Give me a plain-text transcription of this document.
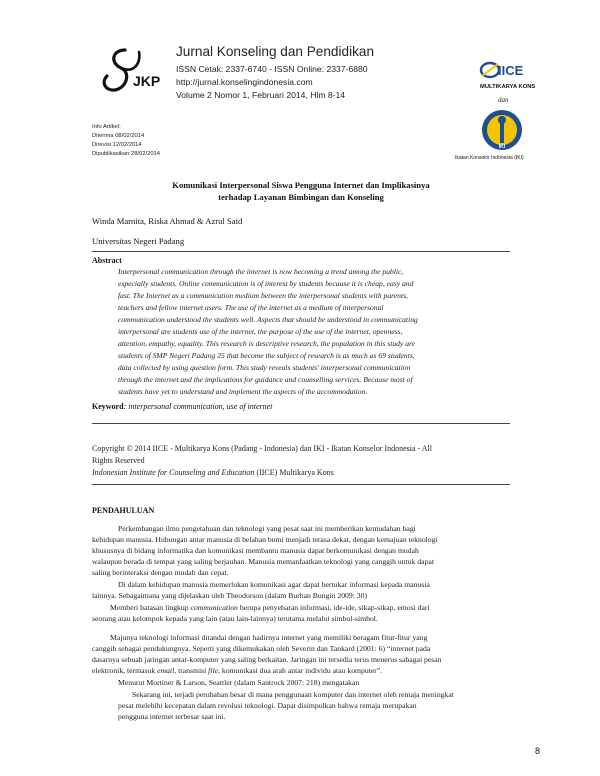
JKP
Jurnal Konseling dan Pendidikan
ISSN Cetak: 2337-6740 - ISSN Online: 2337-6880
http://jurnal.konselingindonesia.com
Volume 2 Nomor 1, Februari 2014, Hlm 8-14
IICE
MULTIKARYA KONS
dan
IKI
Ikatan Konselor Indonesia (IKI)
Info Artikel:
Diterima 08/02/2014
Direvisi 12/02/2014
Dipublikasikan 28/02/2014
Komunikasi Interpersonal Siswa Pengguna Internet dan Implikasinya
terhadap Layanan Bimbingan dan Konseling
Winda Marnita, Riska Ahmad & Azrul Said
Universitas Negeri Padang
Abstract
Interpersonal communication through the internet is now becoming a trend among the public,
especially students. Online communication is of interest by students because it is cheap, easy and
fast. The Internet as a communication medium between the interpersonal students with parents,
teachers and fellow internet users. The use of the internet as a medium of interpersonal
communication understood the students well. Aspects that should be understood in communicating
interpersonal are students use of the internet, the purpose of the use of the internet, openness,
attention, empathy, equality. This research is descriptive research, the population in this study are
students of SMP Negeri Padang 25 that become the subject of research is as much as 69 students,
data collected by using question form. This study reveals students' interpersonal communication
through the internet and the implications for guidance and counselling services. Because most of
students have yet to understand and implement the aspects of the accommodation.
Keyword: interpersonal communication, use of internet
Copyright © 2014 IICE - Multikarya Kons (Padang - Indonesia) dan IKI - Ikatan Konselor Indonesia - All
Rights Reserved
Indonesian Institute for Counseling and Education (IICE) Multikarya Kons
PENDAHULUAN
Perkembangan ilmu pengetahuan dan teknologi yang pesat saat ini memberikan kemudahan bagi
kehidupan manusia. Hubungan antar manusia di belahan bumi menjadi terasa dekat, dengan kemajuan teknologi
khususnya di bidang informatika dan komunikasi membantu manusia dapat berkomunikasi dengan mudah
walaupun berada di tempat yang saling berjauhan. Manusia memanfaatkan teknologi yang canggih untuk dapat
saling berinteraksi dengan mudah dan cepat.
Di dalam kehidupan manusia memerlukan komunikasi agar dapat bertukar informasi kepada manusia
lainnya. Sebagaimana yang dijelaskan oleh Theodorson (dalam Burhan Bungin 2009: 30)
Memberi batasan lingkup communication berupa penyebaran informasi, ide-ide, sikap-sikap, emosi dari
seorang atau kelompok kepada yang lain (atau lain-lainnya) terutama melalui simbol-simbol.
Majunya teknologi informasi ditandai dengan hadirnya internet yang memiliki beragam fitur-fitur yang
canggih sebagai pendukungnya. Seperti yang dikemukakan oleh Severin dan Tankard (2001: 6) “internet pada
dasarnya sebuah jaringan antar-komputer yang saling berkaitan. Jaringan ini tersedia terus menerus sabagai pesan
elektronik, termasuk email, transmisi file, komunikasi dua arah antar individu atau komputer”.
Menurut Mortiner & Larson, Seattler (dalam Santrock 2007: 218) mengatakan
Sekarang ini, terjadi perubahan besar di mana penggunaan komputer dan internet oleh remaja meningkat
pesat melebihi kecepatan dalam revolusi teknologi. Dapat disimpulkan bahwa remaja merupakan
pengguna internet terbesar saat ini.
8
